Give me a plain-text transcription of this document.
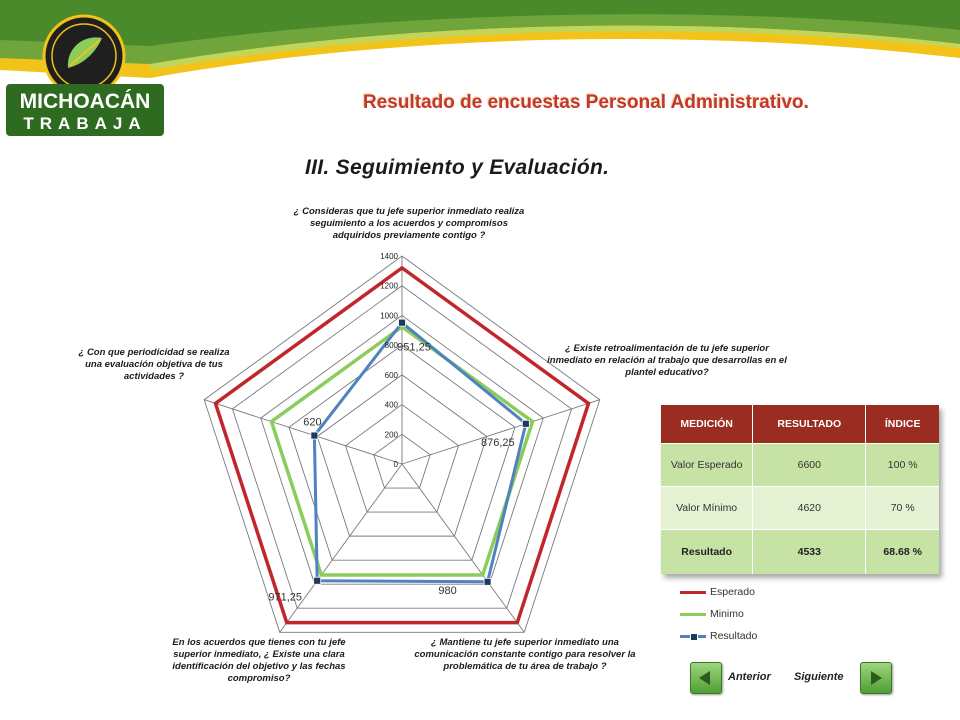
MICHOACÁN
TRABAJA
Resultado de encuestas Personal Administrativo.
III. Seguimiento y Evaluación.
0
200
400
600
800
1000
1200
1400
951,25
876,25
980
971,25
620
¿ Consideras que tu jefe superior inmediato realiza seguimiento a los acuerdos y compromisos adquiridos previamente contigo ?
¿ Existe retroalimentación de tu jefe superior inmediato en relación al trabajo que desarrollas en el plantel educativo?
¿ Mantiene tu jefe superior inmediato una comunicación constante contigo para resolver la problemática de tu área de trabajo ?
En los acuerdos que tienes con tu jefe superior inmediato, ¿ Existe una clara identificación del objetivo y las fechas compromiso?
¿ Con que periodicidad se realiza una evaluación objetiva de tus actividades ?
MEDICIÓN	RESULTADO	ÍNDICE
Valor Esperado	6600	100 %
Valor Mínimo	4620	70 %
Resultado	4533	68.68 %
Esperado
Minimo
Resultado
Anterior Siguiente
